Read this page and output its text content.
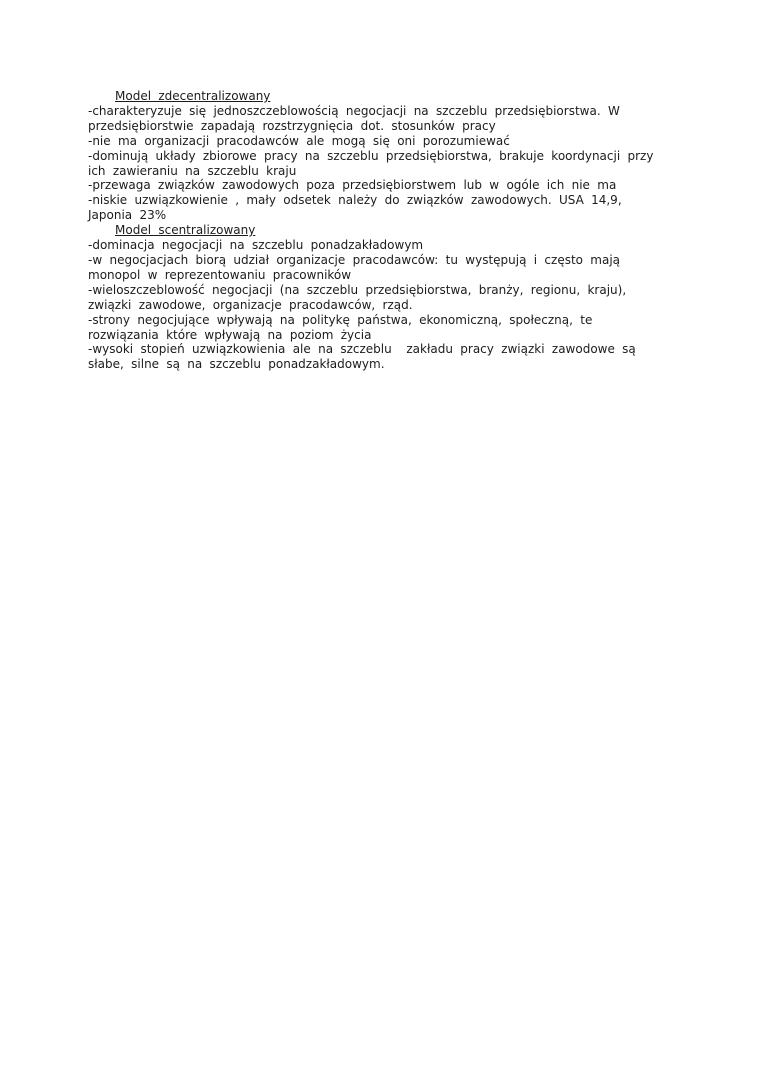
Model zdecentralizowany
-charakteryzuje się jednoszczeblowością negocjacji na szczeblu przedsiębiorstwa. W
przedsiębiorstwie zapadają rozstrzygnięcia dot. stosunków pracy
-nie ma organizacji pracodawców ale mogą się oni porozumiewać
-dominują układy zbiorowe pracy na szczeblu przedsiębiorstwa, brakuje koordynacji przy
ich zawieraniu na szczeblu kraju
-przewaga związków zawodowych poza przedsiębiorstwem lub w ogóle ich nie ma
-niskie uzwiązkowienie , mały odsetek należy do związków zawodowych. USA 14,9,
Japonia 23%
Model scentralizowany
-dominacja negocjacji na szczeblu ponadzakładowym
-w negocjacjach biorą udział organizacje pracodawców: tu występują i często mają
monopol w reprezentowaniu pracowników
-wieloszczeblowość negocjacji (na szczeblu przedsiębiorstwa, branży, regionu, kraju),
związki zawodowe, organizacje pracodawców, rząd.
-strony negocjujące wpływają na politykę państwa, ekonomiczną, społeczną, te
rozwiązania które wpływają na poziom życia
-wysoki stopień uzwiązkowienia ale na szczeblu  zakładu pracy związki zawodowe są
słabe, silne są na szczeblu ponadzakładowym.
